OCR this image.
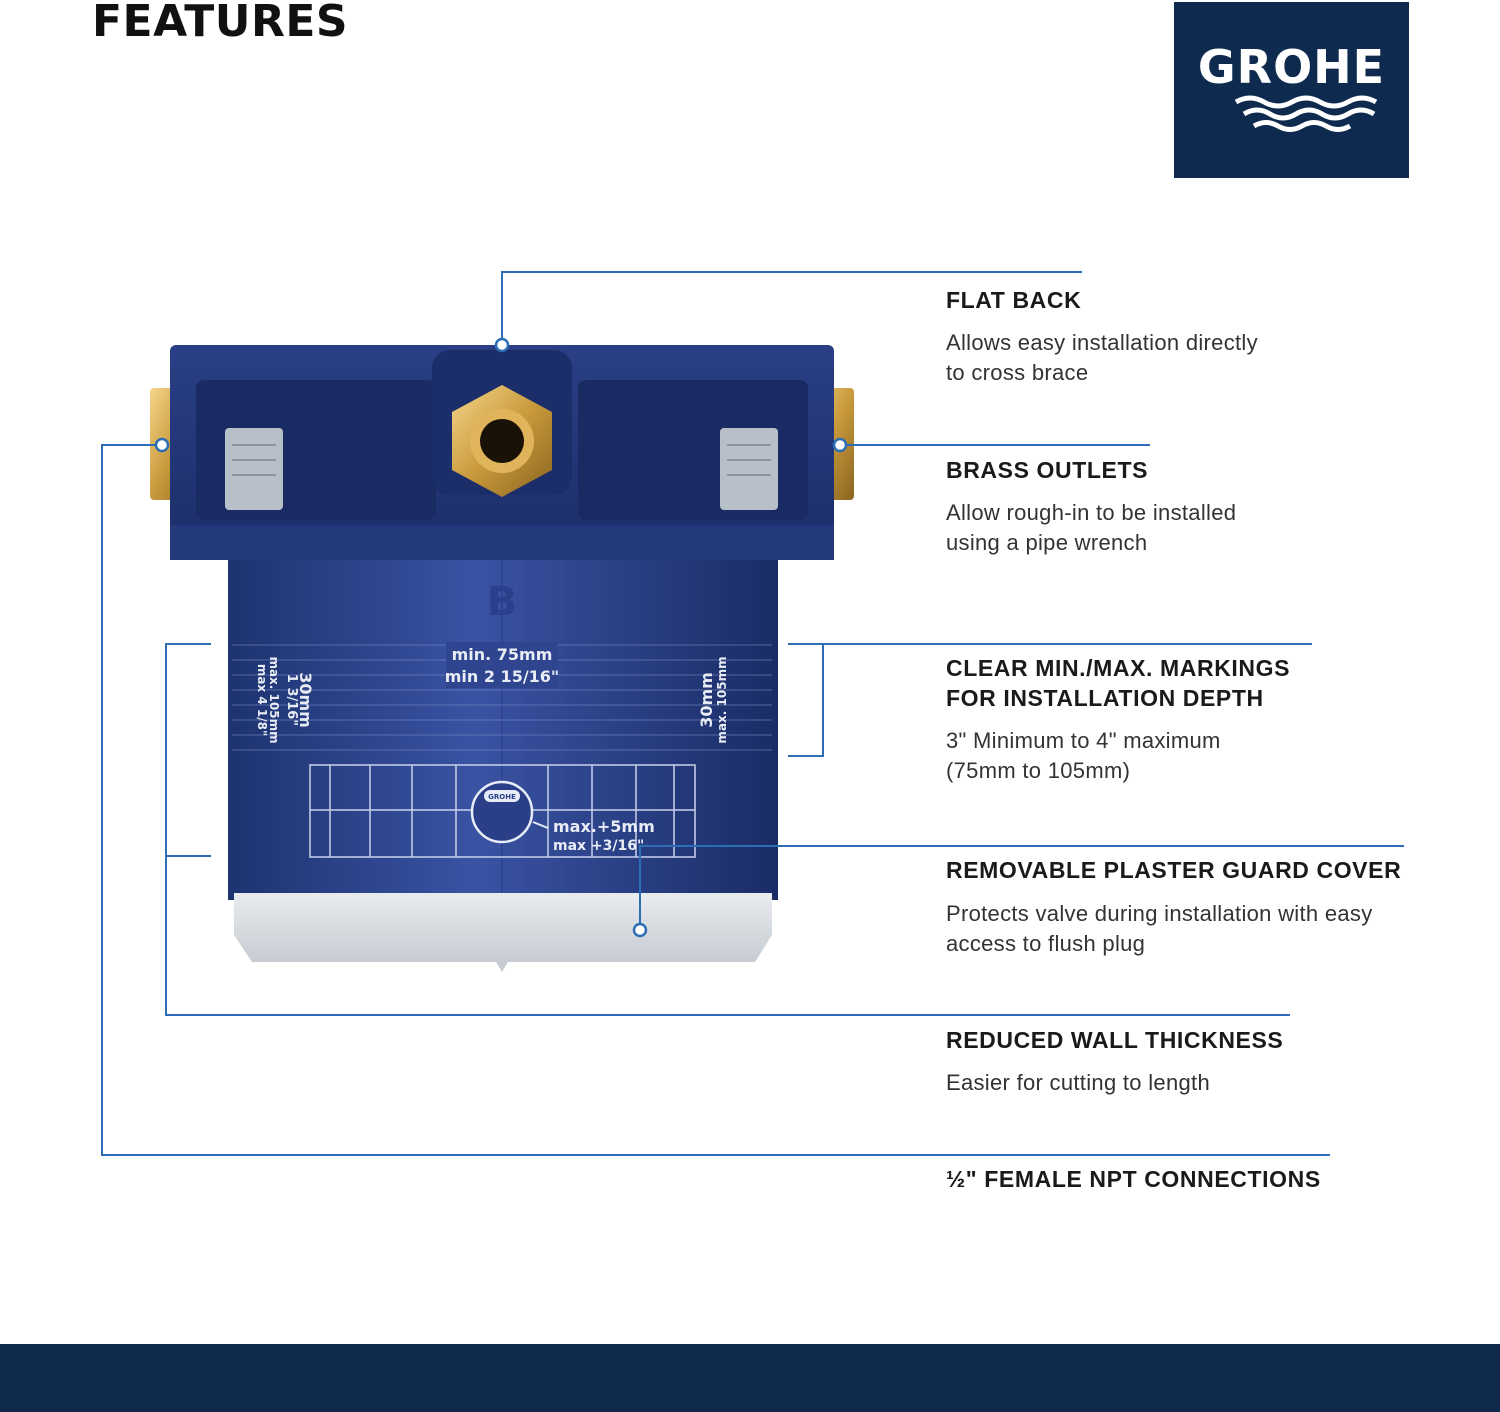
FEATURES
GROHE
B
min. 75mm
min 2 15/16"
30mm
1 3/16"
max. 105mm
max 4 1/8"	30mm max. 105mm
GROHE
max.+5mm
max +3/16"
FLAT BACK
Allows easy installation directly
to cross brace
BRASS OUTLETS
Allow rough-in to be installed
using a pipe wrench
CLEAR MIN./MAX. MARKINGS
FOR INSTALLATION DEPTH
3" Minimum to 4" maximum
(75mm to 105mm)
REMOVABLE PLASTER GUARD COVER
Protects valve during installation with easy
access to flush plug
REDUCED WALL THICKNESS
Easier for cutting to length
½" FEMALE NPT CONNECTIONS
